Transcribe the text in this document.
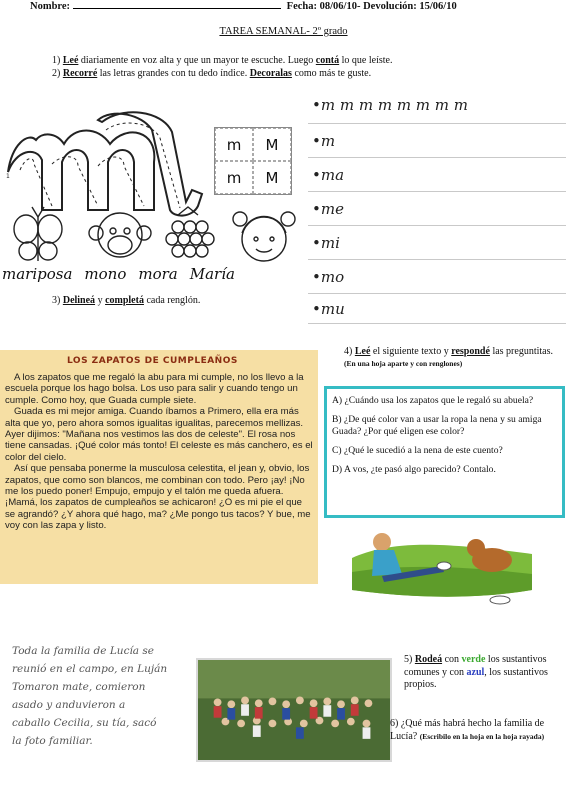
Nombre:	Fecha: 08/06/10- Devolución: 15/06/10
TAREA SEMANAL- 2º grado
1) Leé diariamente en voz alta y que un mayor te escuche. Luego contá lo que leíste.
2) Recorré las letras grandes con tu dedo índice. Decoralas como más te guste.
1
m	M
m	M
mariposa mono mora María
3) Delineá y completá cada renglón.
•m m m m m m m m
•m
•ma
•me
•mi
•mo
•mu
LOS ZAPATOS DE CUMPLEAÑOS

A los zapatos que me regaló la abu para mi cumple, no los llevo a la escuela porque los hago bolsa. Los uso para salir y cuando tengo un cumple. Como hoy, que Guada cumple siete.

Guada es mi mejor amiga. Cuando íbamos a Primero, ella era más alta que yo, pero ahora somos igualitas igualitas, parecemos mellizas. Ayer dijimos: "Mañana nos vestimos las dos de celeste". El rosa nos tiene cansadas. ¡Qué color más tonto! El celeste es más canchero, es el color del cielo.

Así que pensaba ponerme la musculosa celestita, el jean y, obvio, los zapatos, que como son blancos, me combinan con todo. Pero ¡ay! ¡No me los puedo poner! Empujo, empujo y el talón me queda afuera. ¡Mamá, los zapatos de cumpleaños se achicaron! ¿O es mi pie el que se agrandó? ¿Y ahora qué hago, ma? ¿Me pongo tus tacos? Y bue, me voy con las zapa y listo.

4) Leé el siguiente texto y respondé las preguntitas. (En una hoja aparte y con renglones)

A) ¿Cuándo usa los zapatos que le regaló su abuela?

B) ¿De qué color van a usar la ropa la nena y su amiga Guada? ¿Por qué eligen ese color?

C) ¿Qué le sucedió a la nena de este cuento?

D) A vos, ¿te pasó algo parecido? Contalo.

Toda la familia de Lucía se
reunió en el campo, en Luján
Tomaron mate, comieron
asado y anduvieron a
caballo Cecilia, su tía, sacó
la foto familiar.
5) Rodeá con verde los sustantivos comunes y con azul, los sustantivos propios.
6) ¿Qué más habrá hecho la familia de Lucía? (Escribilo en la hoja en la hoja rayada)
